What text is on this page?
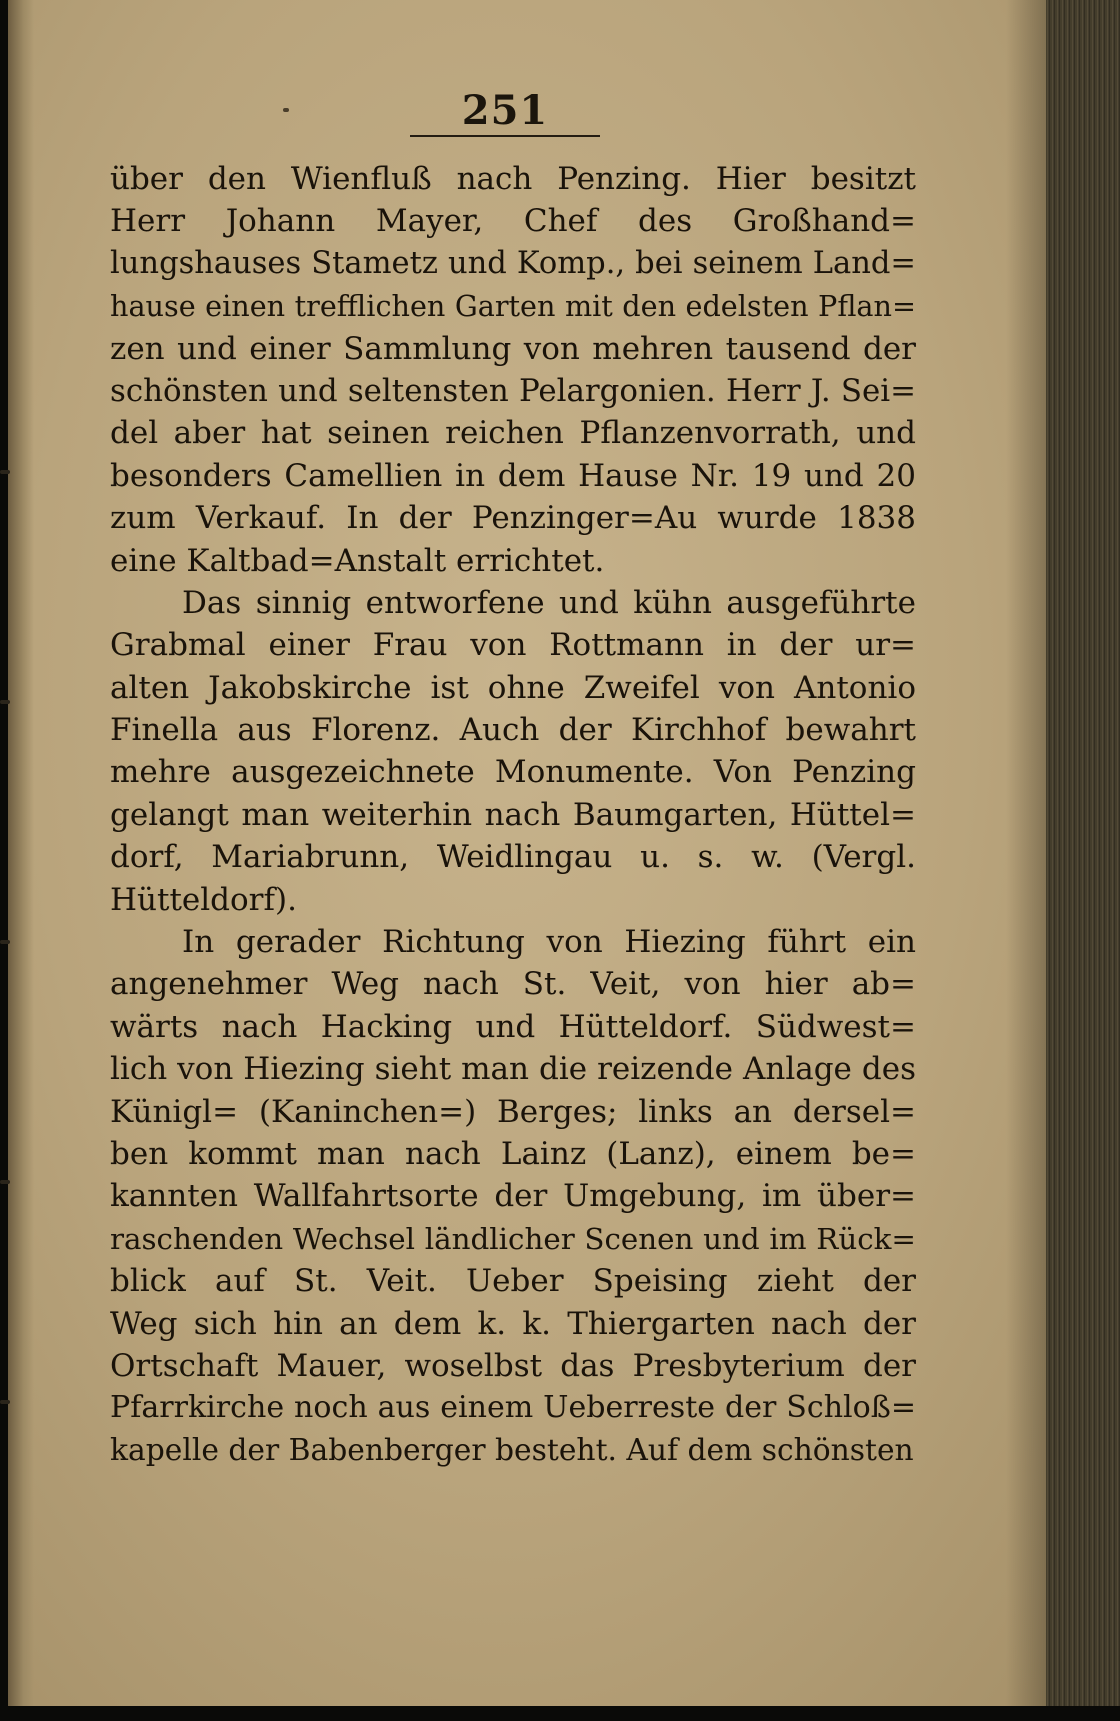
251
über den Wienfluß nach Penzing. Hier besitzt
Herr Johann Mayer, Chef des Großhand=
lungshauses Stametz und Komp., bei seinem Land=
hause einen trefflichen Garten mit den edelsten Pflan=
zen und einer Sammlung von mehren tausend der
schönsten und seltensten Pelargonien. Herr J. Sei=
del aber hat seinen reichen Pflanzenvorrath, und
besonders Camellien in dem Hause Nr. 19 und 20
zum Verkauf. In der Penzinger=Au wurde 1838
eine Kaltbad=Anstalt errichtet.
Das sinnig entworfene und kühn ausgeführte
Grabmal einer Frau von Rottmann in der ur=
alten Jakobskirche ist ohne Zweifel von Antonio
Finella aus Florenz. Auch der Kirchhof bewahrt
mehre ausgezeichnete Monumente. Von Penzing
gelangt man weiterhin nach Baumgarten, Hüttel=
dorf, Mariabrunn, Weidlingau u. s. w. (Vergl.
Hütteldorf).
In gerader Richtung von Hiezing führt ein
angenehmer Weg nach St. Veit, von hier ab=
wärts nach Hacking und Hütteldorf. Südwest=
lich von Hiezing sieht man die reizende Anlage des
Künigl= (Kaninchen=) Berges; links an dersel=
ben kommt man nach Lainz (Lanz), einem be=
kannten Wallfahrtsorte der Umgebung, im über=
raschenden Wechsel ländlicher Scenen und im Rück=
blick auf St. Veit. Ueber Speising zieht der
Weg sich hin an dem k. k. Thiergarten nach der
Ortschaft Mauer, woselbst das Presbyterium der
Pfarrkirche noch aus einem Ueberreste der Schloß=
kapelle der Babenberger besteht. Auf dem schönsten
